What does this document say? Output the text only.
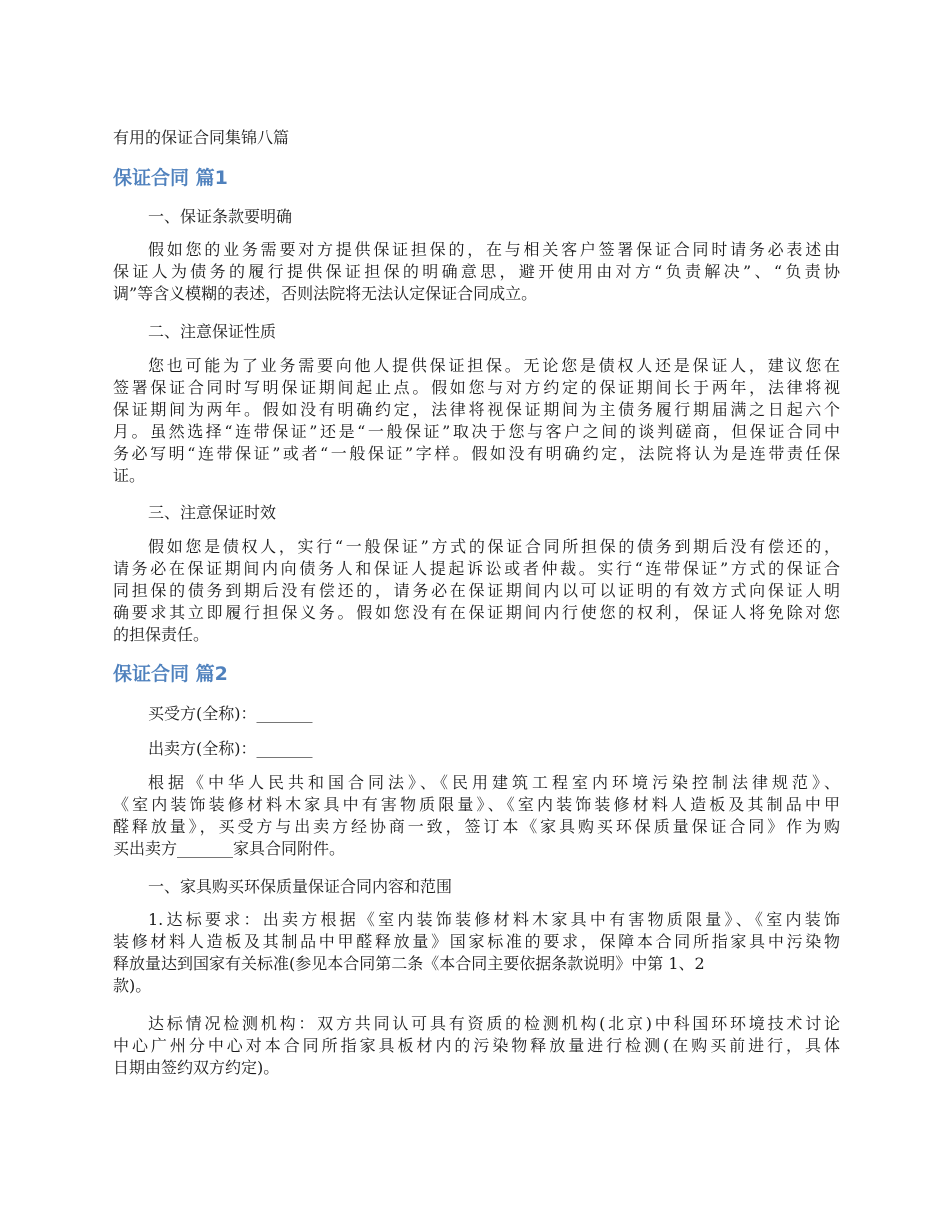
有用的保证合同集锦八篇
保证合同 篇1
一、保证条款要明确
假如您的业务需要对方提供保证担保的，在与相关客户签署保证合同时请务必表述由
保证人为债务的履行提供保证担保的明确意思，避开使用由对方“负责解决”、“负责协
调”等含义模糊的表述，否则法院将无法认定保证合同成立。
二、注意保证性质
您也可能为了业务需要向他人提供保证担保。无论您是债权人还是保证人，建议您在
签署保证合同时写明保证期间起止点。假如您与对方约定的保证期间长于两年，法律将视
保证期间为两年。假如没有明确约定，法律将视保证期间为主债务履行期届满之日起六个
月。虽然选择“连带保证”还是“一般保证”取决于您与客户之间的谈判磋商，但保证合同中
务必写明“连带保证”或者“一般保证”字样。假如没有明确约定，法院将认为是连带责任保
证。
三、注意保证时效
假如您是债权人，实行“一般保证”方式的保证合同所担保的债务到期后没有偿还的，
请务必在保证期间内向债务人和保证人提起诉讼或者仲裁。实行“连带保证”方式的保证合
同担保的债务到期后没有偿还的，请务必在保证期间内以可以证明的有效方式向保证人明
确要求其立即履行担保义务。假如您没有在保证期间内行使您的权利，保证人将免除对您
的担保责任。
保证合同 篇2
买受方(全称)：_______
出卖方(全称)：_______
根据《中华人民共和国合同法》、《民用建筑工程室内环境污染控制法律规范》、
《室内装饰装修材料木家具中有害物质限量》、《室内装饰装修材料人造板及其制品中甲
醛释放量》，买受方与出卖方经协商一致，签订本《家具购买环保质量保证合同》作为购
买出卖方_______家具合同附件。
一、家具购买环保质量保证合同内容和范围
1.达标要求：出卖方根据《室内装饰装修材料木家具中有害物质限量》、《室内装饰
装修材料人造板及其制品中甲醛释放量》国家标准的要求，保障本合同所指家具中污染物
释放量达到国家有关标准(参见本合同第二条《本合同主要依据条款说明》中第 1、2
款)。
达标情况检测机构：双方共同认可具有资质的检测机构(北京)中科国环环境技术讨论
中心广州分中心对本合同所指家具板材内的污染物释放量进行检测(在购买前进行，具体
日期由签约双方约定)。
